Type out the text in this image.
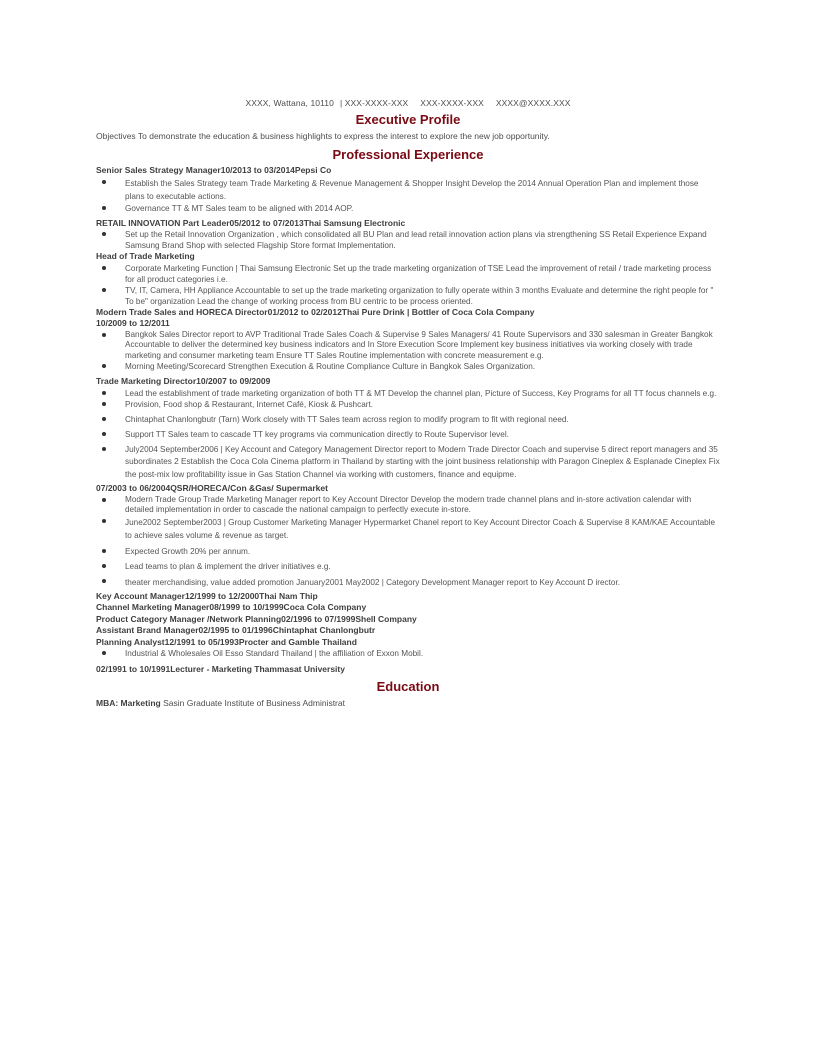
XXXX, Wattana, 10110 | XXX-XXXX-XXX XXX-XXXX-XXX XXXX@XXXX.XXX
Executive Profile
Objectives To demonstrate the education & business highlights to express the interest to explore the new job opportunity.
Professional Experience
Senior Sales Strategy Manager10/2013 to 03/2014Pepsi Co
Establish the Sales Strategy team Trade Marketing & Revenue Management & Shopper Insight Develop the 2014 Annual Operation Plan and implement those plans to executable actions.
Governance TT & MT Sales team to be aligned with 2014 AOP.
RETAIL INNOVATION Part Leader05/2012 to 07/2013Thai Samsung Electronic
Set up the Retail Innovation Organization , which consolidated all BU Plan and lead retail innovation action plans via strengthening SS Retail Experience Expand Samsung Brand Shop with selected Flagship Store format Implementation.
Head of Trade Marketing
Corporate Marketing Function | Thai Samsung Electronic Set up the trade marketing organization of TSE Lead the improvement of retail / trade marketing process for all product categories i.e.
TV, IT, Camera, HH Appliance Accountable to set up the trade marketing organization to fully operate within 3 months Evaluate and determine the right people for " To be" organization Lead the change of working process from BU centric to be process oriented.
Modern Trade Sales and HORECA Director01/2012 to 02/2012Thai Pure Drink | Bottler of Coca Cola Company
10/2009 to 12/2011
Bangkok Sales Director report to AVP Traditional Trade Sales Coach & Supervise 9 Sales Managers/ 41 Route Supervisors and 330 salesman in Greater Bangkok Accountable to deliver the determined key business indicators and In Store Execution Score Implement key business initiatives via working closely with trade marketing and consumer marketing team Ensure TT Sales Routine implementation with concrete measurement e.g.
Morning Meeting/Scorecard Strengthen Execution & Routine Compliance Culture in Bangkok Sales Organization.
Trade Marketing Director10/2007 to 09/2009
Lead the establishment of trade marketing organization of both TT & MT Develop the channel plan, Picture of Success, Key Programs for all TT focus channels e.g.
Provision, Food shop & Restaurant, Internet Café, Kiosk & Pushcart.
Chintaphat Chanlongbutr (Tarn) Work closely with TT Sales team across region to modify program to fit with regional need.
Support TT Sales team to cascade TT key programs via communication directly to Route Supervisor level.
July2004 September2006 | Key Account and Category Management Director report to Modern Trade Director Coach and supervise 5 direct report managers and 35 subordinates 2 Establish the Coca Cola Cinema platform in Thailand by starting with the joint business relationship with Paragon Cineplex & Esplanade Cineplex Fix the post-mix low profitability issue in Gas Station Channel via working with customers, finance and equipme.
07/2003 to 06/2004QSR/HORECA/Con &Gas/ Supermarket
Modern Trade Group Trade Marketing Manager report to Key Account Director Develop the modern trade channel plans and in-store activation calendar with detailed implementation in order to cascade the national campaign to perfectly execute in-store.
June2002 September2003 | Group Customer Marketing Manager Hypermarket Chanel report to Key Account Director Coach & Supervise 8 KAM/KAE Accountable to achieve sales volume & revenue as target.
Expected Growth 20% per annum.
Lead teams to plan & implement the driver initiatives e.g.
theater merchandising, value added promotion January2001 May2002 | Category Development Manager report to Key Account D irector.
Key Account Manager12/1999 to 12/2000Thai Nam Thip
Channel Marketing Manager08/1999 to 10/1999Coca Cola Company
Product Category Manager /Network Planning02/1996 to 07/1999Shell Company
Assistant Brand Manager02/1995 to 01/1996Chintaphat Chanlongbutr
Planning Analyst12/1991 to 05/1993Procter and Gamble Thailand
Industrial & Wholesales Oil Esso Standard Thailand | the affiliation of Exxon Mobil.
02/1991 to 10/1991Lecturer - Marketing Thammasat University
Education
MBA: Marketing Sasin Graduate Institute of Business Administrat
